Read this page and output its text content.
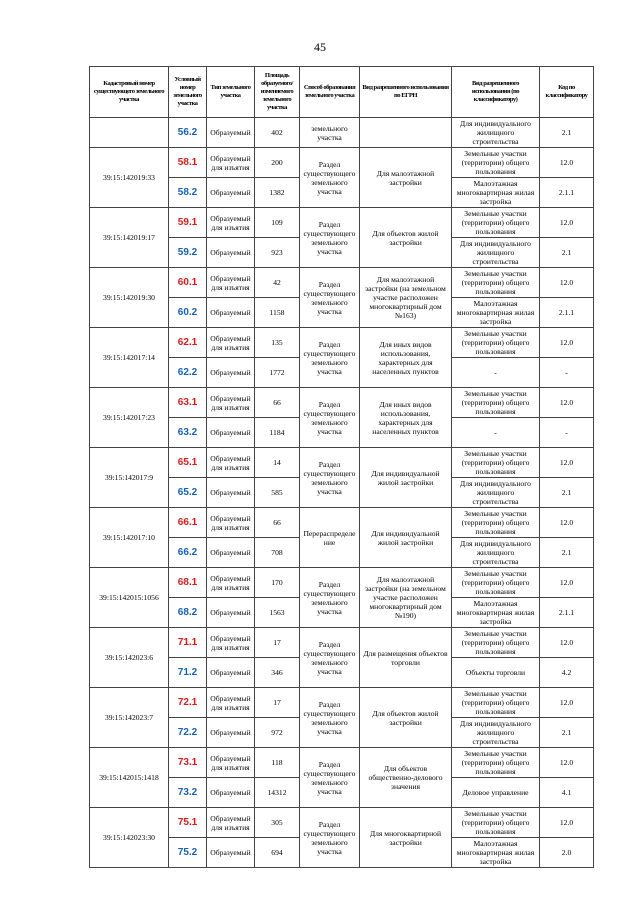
45
Кадастровый номер существующего земельного участка	Условный номер земельного участка	Тип земельного участка	Площадь образуемого/ изменяемого земельного участка	Способ образования земельного участка	Вид разрешенного использования по ЕГРН	Вид разрешенного использования (по классификатору)	Код по классификатору
	56.2	Образуемый	402	земельного участка		Для индивидуального жилищного строительства	2.1
39:15:142019:33	58.1	Образуемый для изъятия	200	Раздел существующего земельного участка	Для малоэтажной застройки	Земельные участки (территории) общего пользования	12.0
	58.2	Образуемый	1382			Малоэтажная многоквартирная жилая застройка	2.1.1
39:15:142019:17	59.1	Образуемый для изъятия	109	Раздел существующего земельного участка	Для объектов жилой застройки	Земельные участки (территории) общего пользования	12.0
	59.2	Образуемый	923			Для индивидуального жилищного строительства	2.1
39:15:142019:30	60.1	Образуемый для изъятия	42	Раздел существующего земельного участка	Для малоэтажной застройки (на земельном участке расположен многоквартирный дом №163)	Земельные участки (территории) общего пользования	12.0
	60.2	Образуемый	1158			Малоэтажная многоквартирная жилая застройка	2.1.1
39:15:142017:14	62.1	Образуемый для изъятия	135	Раздел существующего земельного участка	Для иных видов использования, характерных для населенных пунктов	Земельные участки (территории) общего пользования	12.0
	62.2	Образуемый	1772			-	-
39:15:142017:23	63.1	Образуемый для изъятия	66	Раздел существующего земельного участка	Для иных видов использования, характерных для населенных пунктов	Земельные участки (территории) общего пользования	12.0
	63.2	Образуемый	1184			-	-
39:15:142017:9	65.1	Образуемый для изъятия	14	Раздел существующего земельного участка	Для индивидуальной жилой застройки	Земельные участки (территории) общего пользования	12.0
	65.2	Образуемый	585			Для индивидуального жилищного строительства	2.1
39:15:142017:10	66.1	Образуемый для изъятия	66	Перераспределение	Для индивидуальной жилой застройки	Земельные участки (территории) общего пользования	12.0
	66.2	Образуемый	708			Для индивидуального жилищного строительства	2.1
39:15:142015:1056	68.1	Образуемый для изъятия	170	Раздел существующего земельного участка	Для малоэтажной застройки (на земельном участке расположен многоквартирный дом №190)	Земельные участки (территории) общего пользования	12.0
	68.2	Образуемый	1563			Малоэтажная многоквартирная жилая застройка	2.1.1
39:15:142023:6	71.1	Образуемый для изъятия	17	Раздел существующего земельного участка	Для размещения объектов торговли	Земельные участки (территории) общего пользования	12.0
	71.2	Образуемый	346			Объекты торговли	4.2
39:15:142023:7	72.1	Образуемый для изъятия	17	Раздел существующего земельного участка	Для объектов жилой застройки	Земельные участки (территории) общего пользования	12.0
	72.2	Образуемый	972			Для индивидуального жилищного строительства	2.1
39:15:142015:1418	73.1	Образуемый для изъятия	118	Раздел существующего земельного участка	Для объектов общественно-делового значения	Земельные участки (территории) общего пользования	12.0
	73.2	Образуемый	14312			Деловое управление	4.1
39:15:142023:30	75.1	Образуемый для изъятия	305	Раздел существующего земельного участка	Для многоквартирной застройки	Земельные участки (территории) общего пользования	12.0
	75.2	Образуемый	694			Малоэтажная многоквартирная жилая застройка	2.0
